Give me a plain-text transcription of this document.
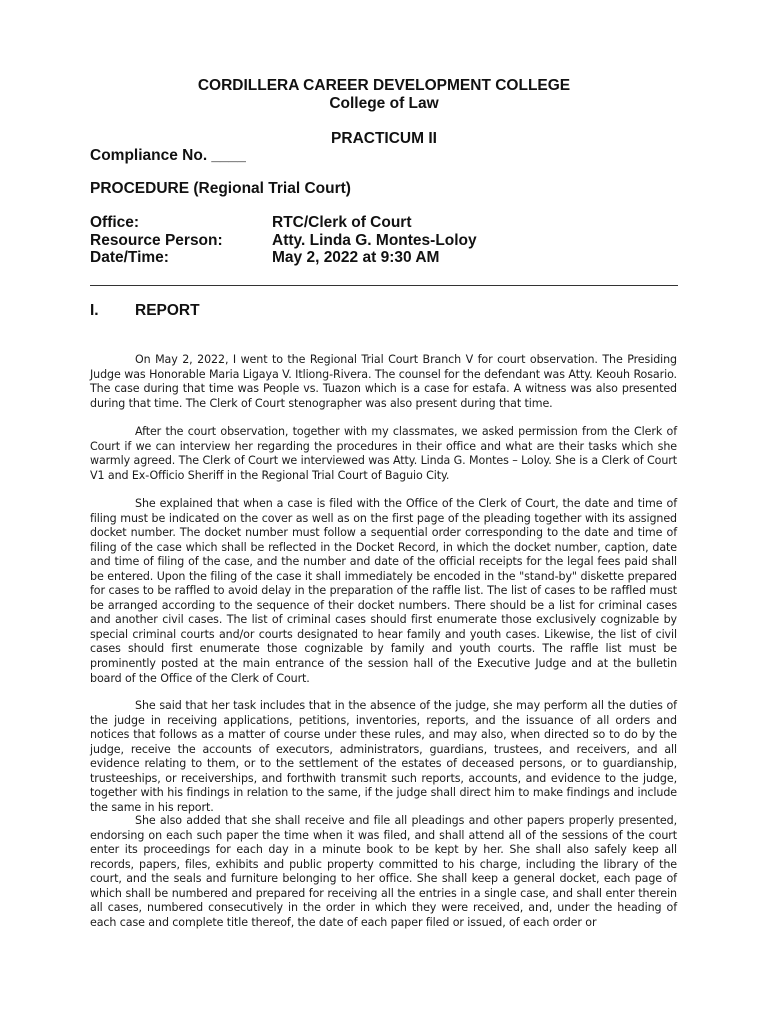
CORDILLERA CAREER DEVELOPMENT COLLEGE
College of Law
PRACTICUM II
Compliance No. ____
PROCEDURE (Regional Trial Court)
Office:	RTC/Clerk of Court
Resource Person:	Atty. Linda G. Montes-Loloy
Date/Time:	May 2, 2022 at 9:30 AM
I. REPORT

On May 2, 2022, I went to the Regional Trial Court Branch V for court observation. The Presiding Judge was Honorable Maria Ligaya V. Itliong-Rivera. The counsel for the defendant was Atty. Keouh Rosario. The case during that time was People vs. Tuazon which is a case for estafa. A witness was also presented during that time. The Clerk of Court stenographer was also present during that time.

After the court observation, together with my classmates, we asked permission from the Clerk of Court if we can interview her regarding the procedures in their office and what are their tasks which she warmly agreed. The Clerk of Court we interviewed was Atty. Linda G. Montes – Loloy. She is a Clerk of Court V1 and Ex-Officio Sheriff in the Regional Trial Court of Baguio City.

She explained that when a case is filed with the Office of the Clerk of Court, the date and time of filing must be indicated on the cover as well as on the first page of the pleading together with its assigned docket number. The docket number must follow a sequential order corresponding to the date and time of filing of the case which shall be reflected in the Docket Record, in which the docket number, caption, date and time of filing of the case, and the number and date of the official receipts for the legal fees paid shall be entered. Upon the filing of the case it shall immediately be encoded in the "stand-by" diskette prepared for cases to be raffled to avoid delay in the preparation of the raffle list. The list of cases to be raffled must be arranged according to the sequence of their docket numbers. There should be a list for criminal cases and another civil cases. The list of criminal cases should first enumerate those exclusively cognizable by special criminal courts and/or courts designated to hear family and youth cases. Likewise, the list of civil cases should first enumerate those cognizable by family and youth courts. The raffle list must be prominently posted at the main entrance of the session hall of the Executive Judge and at the bulletin board of the Office of the Clerk of Court.

She said that her task includes that in the absence of the judge, she may perform all the duties of the judge in receiving applications, petitions, inventories, reports, and the issuance of all orders and notices that follows as a matter of course under these rules, and may also, when directed so to do by the judge, receive the accounts of executors, administrators, guardians, trustees, and receivers, and all evidence relating to them, or to the settlement of the estates of deceased persons, or to guardianship, trusteeships, or receiverships, and forthwith transmit such reports, accounts, and evidence to the judge, together with his findings in relation to the same, if the judge shall direct him to make findings and include the same in his report.

She also added that she shall receive and file all pleadings and other papers properly presented, endorsing on each such paper the time when it was filed, and shall attend all of the sessions of the court enter its proceedings for each day in a minute book to be kept by her. She shall also safely keep all records, papers, files, exhibits and public property committed to his charge, including the library of the court, and the seals and furniture belonging to her office. She shall keep a general docket, each page of which shall be numbered and prepared for receiving all the entries in a single case, and shall enter therein all cases, numbered consecutively in the order in which they were received, and, under the heading of each case and complete title thereof, the date of each paper filed or issued, of each order or
